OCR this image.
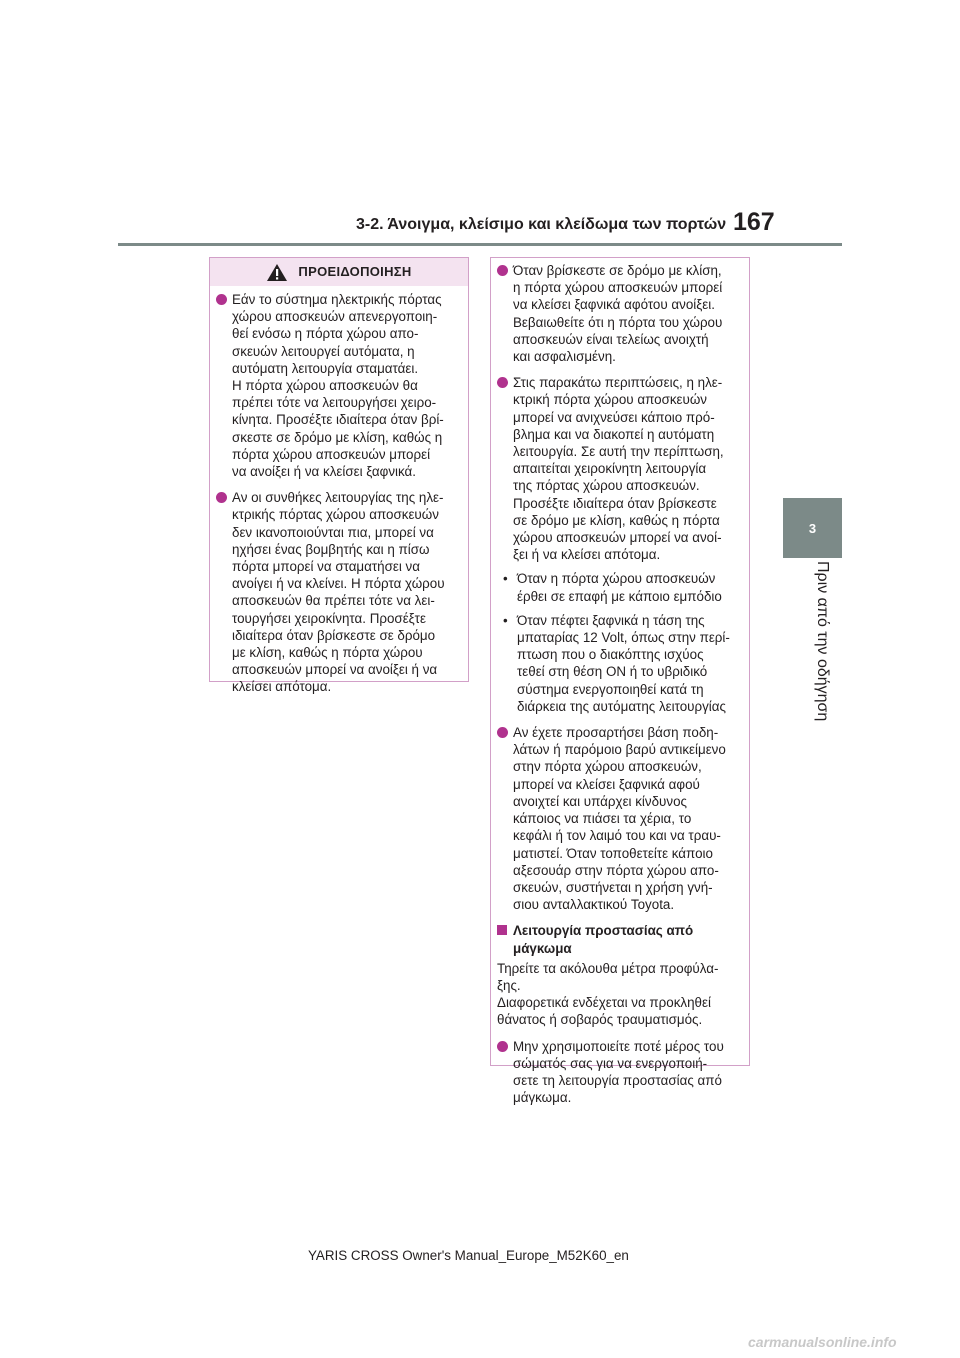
3-2. Άνοιγμα, κλείσιμο και κλείδωμα των πορτών 167
3
Πριν από την οδήγηση
ΠΡΟΕΙΔΟΠΟΙΗΣΗ
Εάν το σύστημα ηλεκτρικής πόρτας
χώρου αποσκευών απενεργοποιη-
θεί ενόσω η πόρτα χώρου απο-
σκευών λειτουργεί αυτόματα, η
αυτόματη λειτουργία σταματάει.
Η πόρτα χώρου αποσκευών θα
πρέπει τότε να λειτουργήσει χειρο-
κίνητα. Προσέξτε ιδιαίτερα όταν βρί-
σκεστε σε δρόμο με κλίση, καθώς η
πόρτα χώρου αποσκευών μπορεί
να ανοίξει ή να κλείσει ξαφνικά.
Αν οι συνθήκες λειτουργίας της ηλε-
κτρικής πόρτας χώρου αποσκευών
δεν ικανοποιούνται πια, μπορεί να
ηχήσει ένας βομβητής και η πίσω
πόρτα μπορεί να σταματήσει να
ανοίγει ή να κλείνει. Η πόρτα χώρου
αποσκευών θα πρέπει τότε να λει-
τουργήσει χειροκίνητα. Προσέξτε
ιδιαίτερα όταν βρίσκεστε σε δρόμο
με κλίση, καθώς η πόρτα χώρου
αποσκευών μπορεί να ανοίξει ή να
κλείσει απότομα.
Όταν βρίσκεστε σε δρόμο με κλίση,
η πόρτα χώρου αποσκευών μπορεί
να κλείσει ξαφνικά αφότου ανοίξει.
Βεβαιωθείτε ότι η πόρτα του χώρου
αποσκευών είναι τελείως ανοιχτή
και ασφαλισμένη.
Στις παρακάτω περιπτώσεις, η ηλε-
κτρική πόρτα χώρου αποσκευών
μπορεί να ανιχνεύσει κάποιο πρό-
βλημα και να διακοπεί η αυτόματη
λειτουργία. Σε αυτή την περίπτωση,
απαιτείται χειροκίνητη λειτουργία
της πόρτας χώρου αποσκευών.
Προσέξτε ιδιαίτερα όταν βρίσκεστε
σε δρόμο με κλίση, καθώς η πόρτα
χώρου αποσκευών μπορεί να ανοί-
ξει ή να κλείσει απότομα.
• Όταν η πόρτα χώρου αποσκευών
έρθει σε επαφή με κάποιο εμπόδιο
• Όταν πέφτει ξαφνικά η τάση της
μπαταρίας 12 Volt, όπως στην περί-
πτωση που ο διακόπτης ισχύος
τεθεί στη θέση ON ή το υβριδικό
σύστημα ενεργοποιηθεί κατά τη
διάρκεια της αυτόματης λειτουργίας
Αν έχετε προσαρτήσει βάση ποδη-
λάτων ή παρόμοιο βαρύ αντικείμενο
στην πόρτα χώρου αποσκευών,
μπορεί να κλείσει ξαφνικά αφού
ανοιχτεί και υπάρχει κίνδυνος
κάποιος να πιάσει τα χέρια, το
κεφάλι ή τον λαιμό του και να τραυ-
ματιστεί. Όταν τοποθετείτε κάποιο
αξεσουάρ στην πόρτα χώρου απο-
σκευών, συστήνεται η χρήση γνή-
σιου ανταλλακτικού Toyota.
Λειτουργία προστασίας από
μάγκωμα
Τηρείτε τα ακόλουθα μέτρα προφύλα-
ξης.
Διαφορετικά ενδέχεται να προκληθεί
θάνατος ή σοβαρός τραυματισμός.
Μην χρησιμοποιείτε ποτέ μέρος του
σώματός σας για να ενεργοποιή-
σετε τη λειτουργία προστασίας από
μάγκωμα.
YARIS CROSS Owner's Manual_Europe_M52K60_en
carmanualsonline.info
